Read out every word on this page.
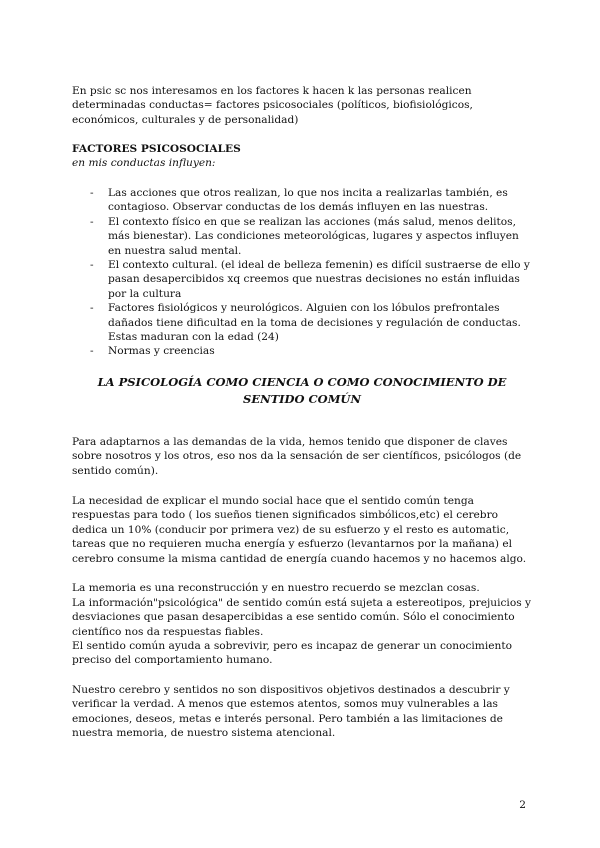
En psic sc nos interesamos en los factores k hacen k las personas realicen determinadas conductas= factores psicosociales (políticos, biofisiológicos, económicos, culturales y de personalidad)

FACTORES PSICOSOCIALES

en mis conductas influyen:

- Las acciones que otros realizan, lo que nos incita a realizarlas también, es contagioso. Observar conductas de los demás influyen en las nuestras.
- El contexto físico en que se realizan las acciones (más salud, menos delitos, más bienestar). Las condiciones meteorológicas, lugares y aspectos influyen en nuestra salud mental.
- El contexto cultural. (el ideal de belleza femenin) es difícil sustraerse de ello y pasan desapercibidos xq creemos que nuestras decisiones no están influidas por la cultura
- Factores fisiológicos y neurológicos. Alguien con los lóbulos prefrontales dañados tiene dificultad en la toma de decisiones y regulación de conductas. Estas maduran con la edad (24)
- Normas y creencias

LA PSICOLOGÍA COMO CIENCIA O COMO CONOCIMIENTO DE SENTIDO COMÚN

Para adaptarnos a las demandas de la vida, hemos tenido que disponer de claves sobre nosotros y los otros, eso nos da la sensación de ser científicos, psicólogos (de sentido común).

La necesidad de explicar el mundo social hace que el sentido común tenga respuestas para todo ( los sueños tienen significados simbólicos,etc) el cerebro dedica un 10% (conducir por primera vez) de su esfuerzo y el resto es automatic, tareas que no requieren mucha energía y esfuerzo (levantarnos por la mañana) el cerebro consume la misma cantidad de energía cuando hacemos y no hacemos algo.

La memoria es una reconstrucción y en nuestro recuerdo se mezclan cosas.

La información"psicológica" de sentido común está sujeta a estereotipos, prejuicios y desviaciones que pasan desapercibidas a ese sentido común. Sólo el conocimiento científico nos da respuestas fiables.

El sentido común ayuda a sobrevivir, pero es incapaz de generar un conocimiento preciso del comportamiento humano.

Nuestro cerebro y sentidos no son dispositivos objetivos destinados a descubrir y verificar la verdad. A menos que estemos atentos, somos muy vulnerables a las emociones, deseos, metas e interés personal. Pero también a las limitaciones de nuestra memoria, de nuestro sistema atencional.

2
